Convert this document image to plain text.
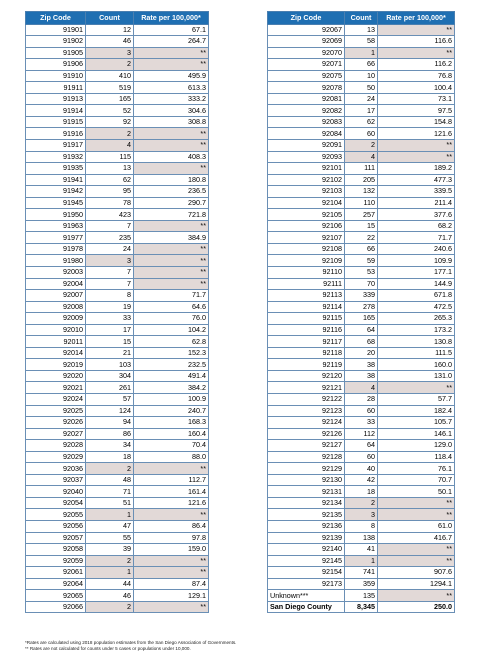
Zip Code	Count	Rate per 100,000*
91901	12	67.1
91902	46	264.7
91905	3	**
91906	2	**
91910	410	495.9
91911	519	613.3
91913	165	333.2
91914	52	304.6
91915	92	308.8
91916	2	**
91917	4	**
91932	115	408.3
91935	13	**
91941	62	180.8
91942	95	236.5
91945	78	290.7
91950	423	721.8
91963	7	**
91977	235	384.9
91978	24	**
91980	3	**
92003	7	**
92004	7	**
92007	8	71.7
92008	19	64.6
92009	33	76.0
92010	17	104.2
92011	15	62.8
92014	21	152.3
92019	103	232.5
92020	304	491.4
92021	261	384.2
92024	57	100.9
92025	124	240.7
92026	94	168.3
92027	86	160.4
92028	34	70.4
92029	18	88.0
92036	2	**
92037	48	112.7
92040	71	161.4
92054	51	121.6
92055	1	**
92056	47	86.4
92057	55	97.8
92058	39	159.0
92059	2	**
92061	1	**
92064	44	87.4
92065	46	129.1
92066	2	**
Zip Code	Count	Rate per 100,000*
92067	13	**
92069	58	116.6
92070	1	**
92071	66	116.2
92075	10	76.8
92078	50	100.4
92081	24	73.1
92082	17	97.5
92083	62	154.8
92084	60	121.6
92091	2	**
92093	4	**
92101	111	189.2
92102	205	477.3
92103	132	339.5
92104	110	211.4
92105	257	377.6
92106	15	68.2
92107	22	71.7
92108	66	240.6
92109	59	109.9
92110	53	177.1
92111	70	144.9
92113	339	671.8
92114	278	472.5
92115	165	265.3
92116	64	173.2
92117	68	130.8
92118	20	111.5
92119	38	160.0
92120	38	131.0
92121	4	**
92122	28	57.7
92123	60	182.4
92124	33	105.7
92126	112	146.1
92127	64	129.0
92128	60	118.4
92129	40	76.1
92130	42	70.7
92131	18	50.1
92134	2	**
92135	3	**
92136	8	61.0
92139	138	416.7
92140	41	**
92145	1	**
92154	741	907.6
92173	359	1294.1
Unknown***	135	**
San Diego County	8,345	250.0
*Rates are calculated using 2018 population estimates from the San Diego Association of Governments.
** Rates are not calculated for counts under 5 cases or populations under 10,000.
